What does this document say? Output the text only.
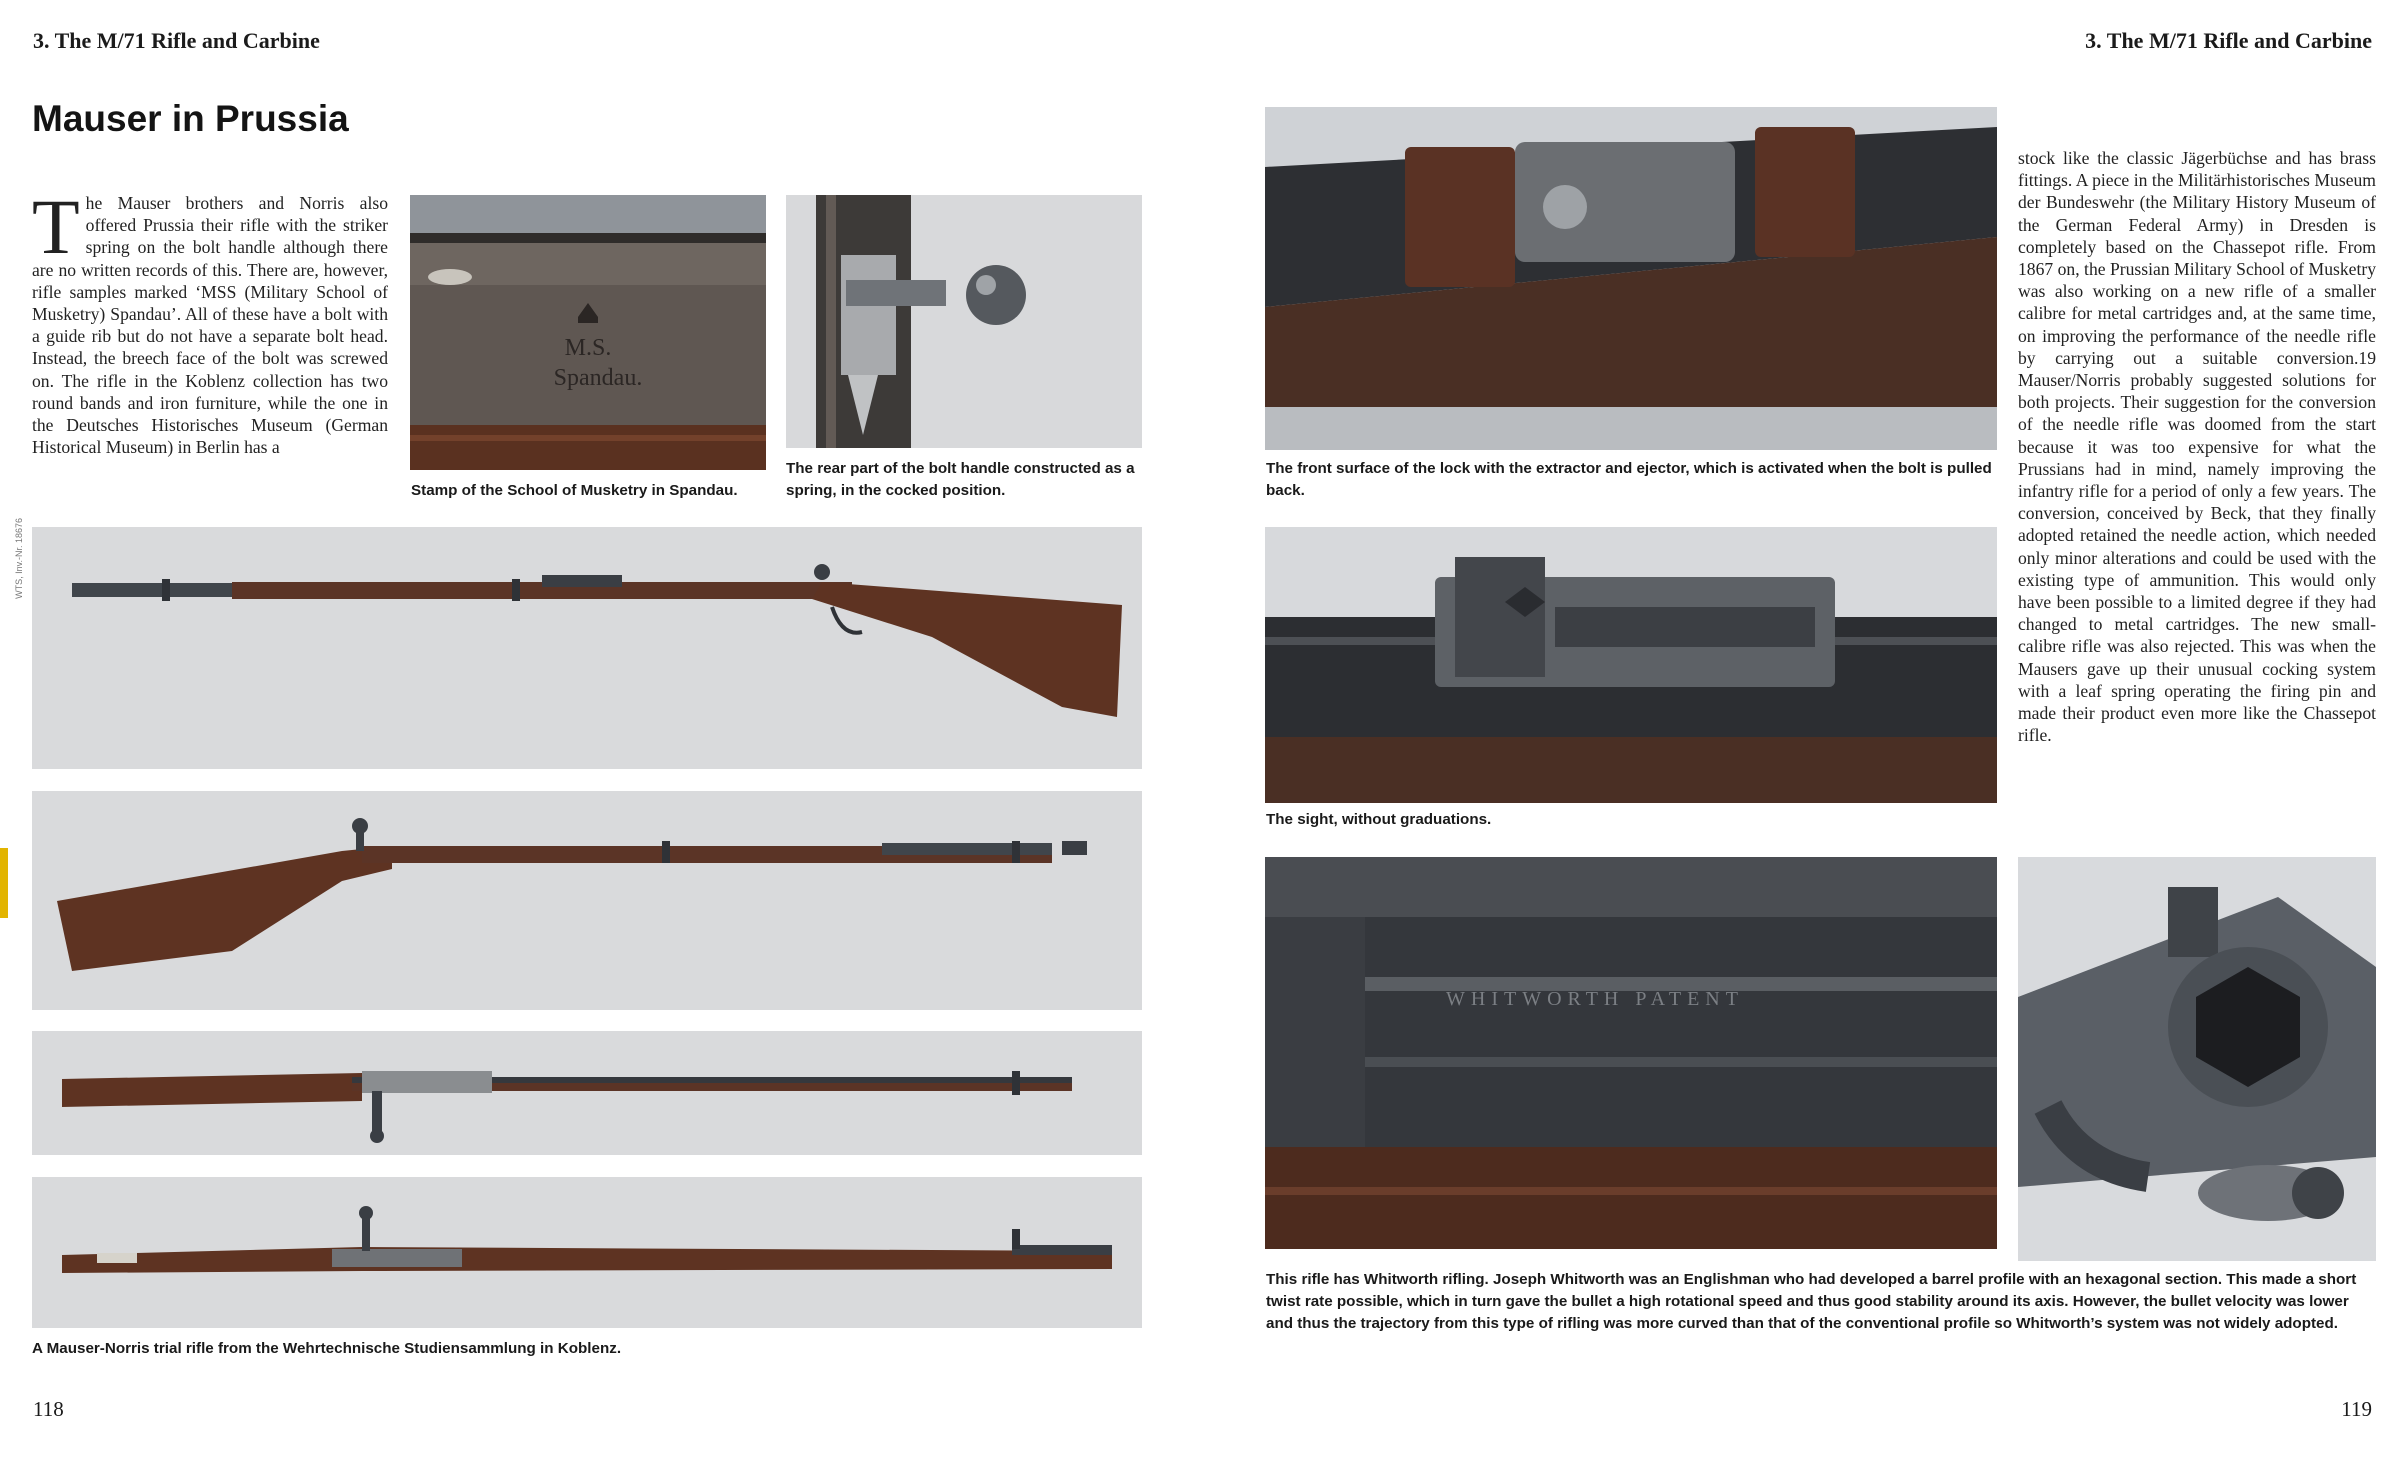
3. The M/71 Rifle and Carbine	3. The M/71 Rifle and Carbine
Mauser in Prussia
The Mauser brothers and Norris also offered Prussia their rifle with the striker spring on the bolt handle although there are no written records of this. There are, however, rifle samples marked ‘MSS (Military School of Musketry) Spandau’. All of these have a bolt with a guide rib but do not have a separate bolt head. Instead, the breech face of the bolt was screwed on. The rifle in the Koblenz collection has two round bands and iron furniture, while the one in the Deutsches Historisches Museum (German Historical Museum) in Berlin has a
M.S.
Spandau.
Stamp of the School of Musketry in Spandau.
The rear part of the bolt handle constructed as a spring, in the cocked position.
WTS, Inv.-Nr. 18676
A Mauser-Norris trial rifle from the Wehrtechnische Studiensammlung in Koblenz.
The front surface of the lock with the extractor and ejector, which is activated when the bolt is pulled back.
The sight, without graduations.
stock like the classic Jägerbüchse and has brass fittings. A piece in the Militärhistorisches Museum der Bundeswehr (the Military History Museum of the German Federal Army) in Dresden is completely based on the Chassepot rifle. From 1867 on, the Prussian Military School of Musketry was also working on a new rifle of a smaller calibre for metal cartridges and, at the same time, on improving the performance of the needle rifle by carrying out a suitable conversion.19 Mauser/Norris probably suggested solutions for both projects. Their suggestion for the conversion of the needle rifle was doomed from the start because it was too expensive for what the Prussians had in mind, namely improving the infantry rifle for a period of only a few years. The conversion, conceived by Beck, that they finally adopted retained the needle action, which needed only minor alterations and could be used with the existing type of ammunition. This would only have been possible to a limited degree if they had changed to metal cartridges. The new small-calibre rifle was also rejected. This was when the Mausers gave up their unusual cocking system with a leaf spring operating the firing pin and made their product even more like the Chassepot rifle.
WHITWORTH PATENT
This rifle has Whitworth rifling. Joseph Whitworth was an Englishman who had developed a barrel profile with an hexagonal section. This made a short twist rate possible, which in turn gave the bullet a high rotational speed and thus good stability around its axis. However, the bullet velocity was lower and thus the trajectory from this type of rifling was more curved than that of the conventional profile so Whitworth’s system was not widely adopted.
118	119
